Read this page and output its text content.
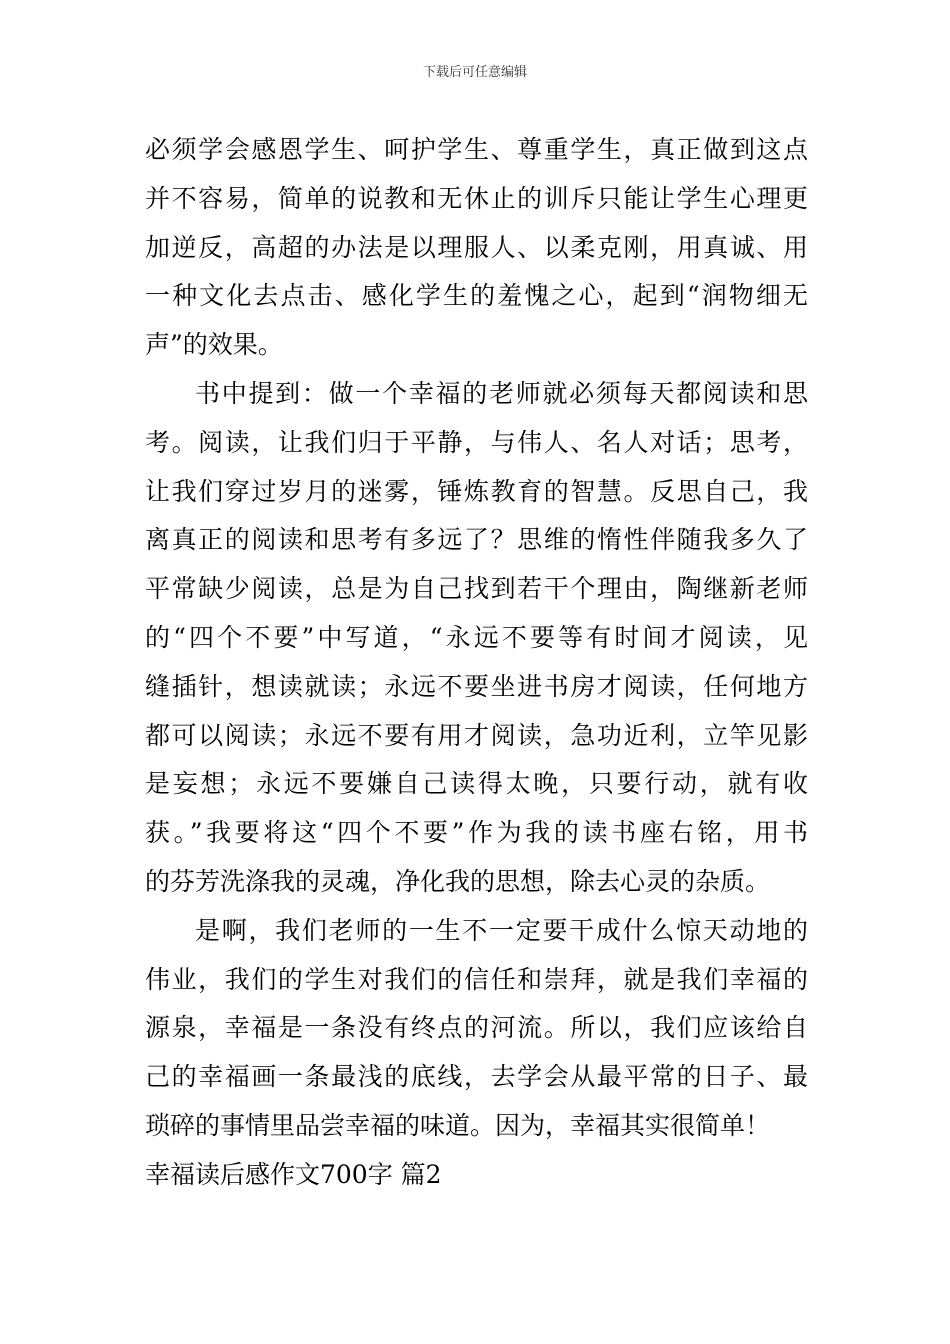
下载后可任意编辑
必须学会感恩学生、呵护学生、尊重学生，真正做到这点
并不容易，简单的说教和无休止的训斥只能让学生心理更
加逆反，高超的办法是以理服人、以柔克刚，用真诚、用
一种文化去点击、感化学生的羞愧之心，起到“润物细无
声”的效果。
书中提到：做一个幸福的老师就必须每天都阅读和思
考。阅读，让我们归于平静，与伟人、名人对话；思考，
让我们穿过岁月的迷雾，锤炼教育的智慧。反思自己，我
离真正的阅读和思考有多远了？思维的惰性伴随我多久了
平常缺少阅读，总是为自己找到若干个理由，陶继新老师
的“四个不要”中写道，“永远不要等有时间才阅读，见
缝插针，想读就读；永远不要坐进书房才阅读，任何地方
都可以阅读；永远不要有用才阅读，急功近利，立竿见影
是妄想；永远不要嫌自己读得太晚，只要行动，就有收
获。”我要将这“四个不要”作为我的读书座右铭，用书
的芬芳洗涤我的灵魂，净化我的思想，除去心灵的杂质。
是啊，我们老师的一生不一定要干成什么惊天动地的
伟业，我们的学生对我们的信任和崇拜，就是我们幸福的
源泉，幸福是一条没有终点的河流。所以，我们应该给自
己的幸福画一条最浅的底线，去学会从最平常的日子、最
琐碎的事情里品尝幸福的味道。因为，幸福其实很简单！
幸福读后感作文700字 篇2
